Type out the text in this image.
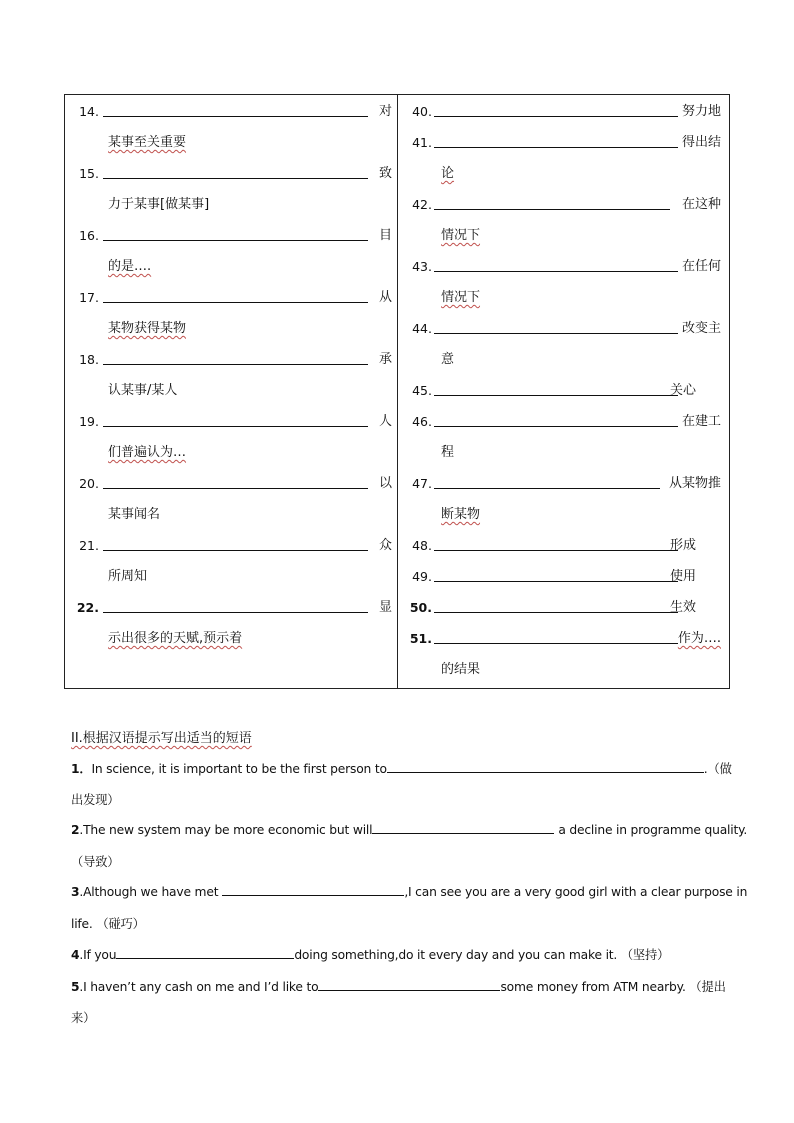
14.	对
某事至关重要
15.	致
力于某事[做某事]
16.	目
的是….
17.	从
某物获得某物
18.	承
认某事/某人
19.	人
们普遍认为…
20.	以
某事闻名
21.	众
所周知
22.	显
示出很多的天赋,预示着
40.	努力地
41.	得出结
论
42.	在这种
情况下
43.	在任何
情况下
44.	改变主
意
45.	关心
46.	在建工
程
47.	从某物推
断某物
48.	形成
49.	使用
50.	生效
51.	作为….
的结果
II.根据汉语提示写出适当的短语
1．In science, it is important to be the first person to	.（做
出发现）
2.The new system may be more economic but will	a decline in programme quality.
（导致）
3.Although we have met	,I can see you are a very good girl with a clear purpose in
life. （碰巧）
4.If you	doing something,do it every day and you can make it. （坚持）
5.I haven’t any cash on me and I’d like to	some money from ATM nearby. （提出
来）
